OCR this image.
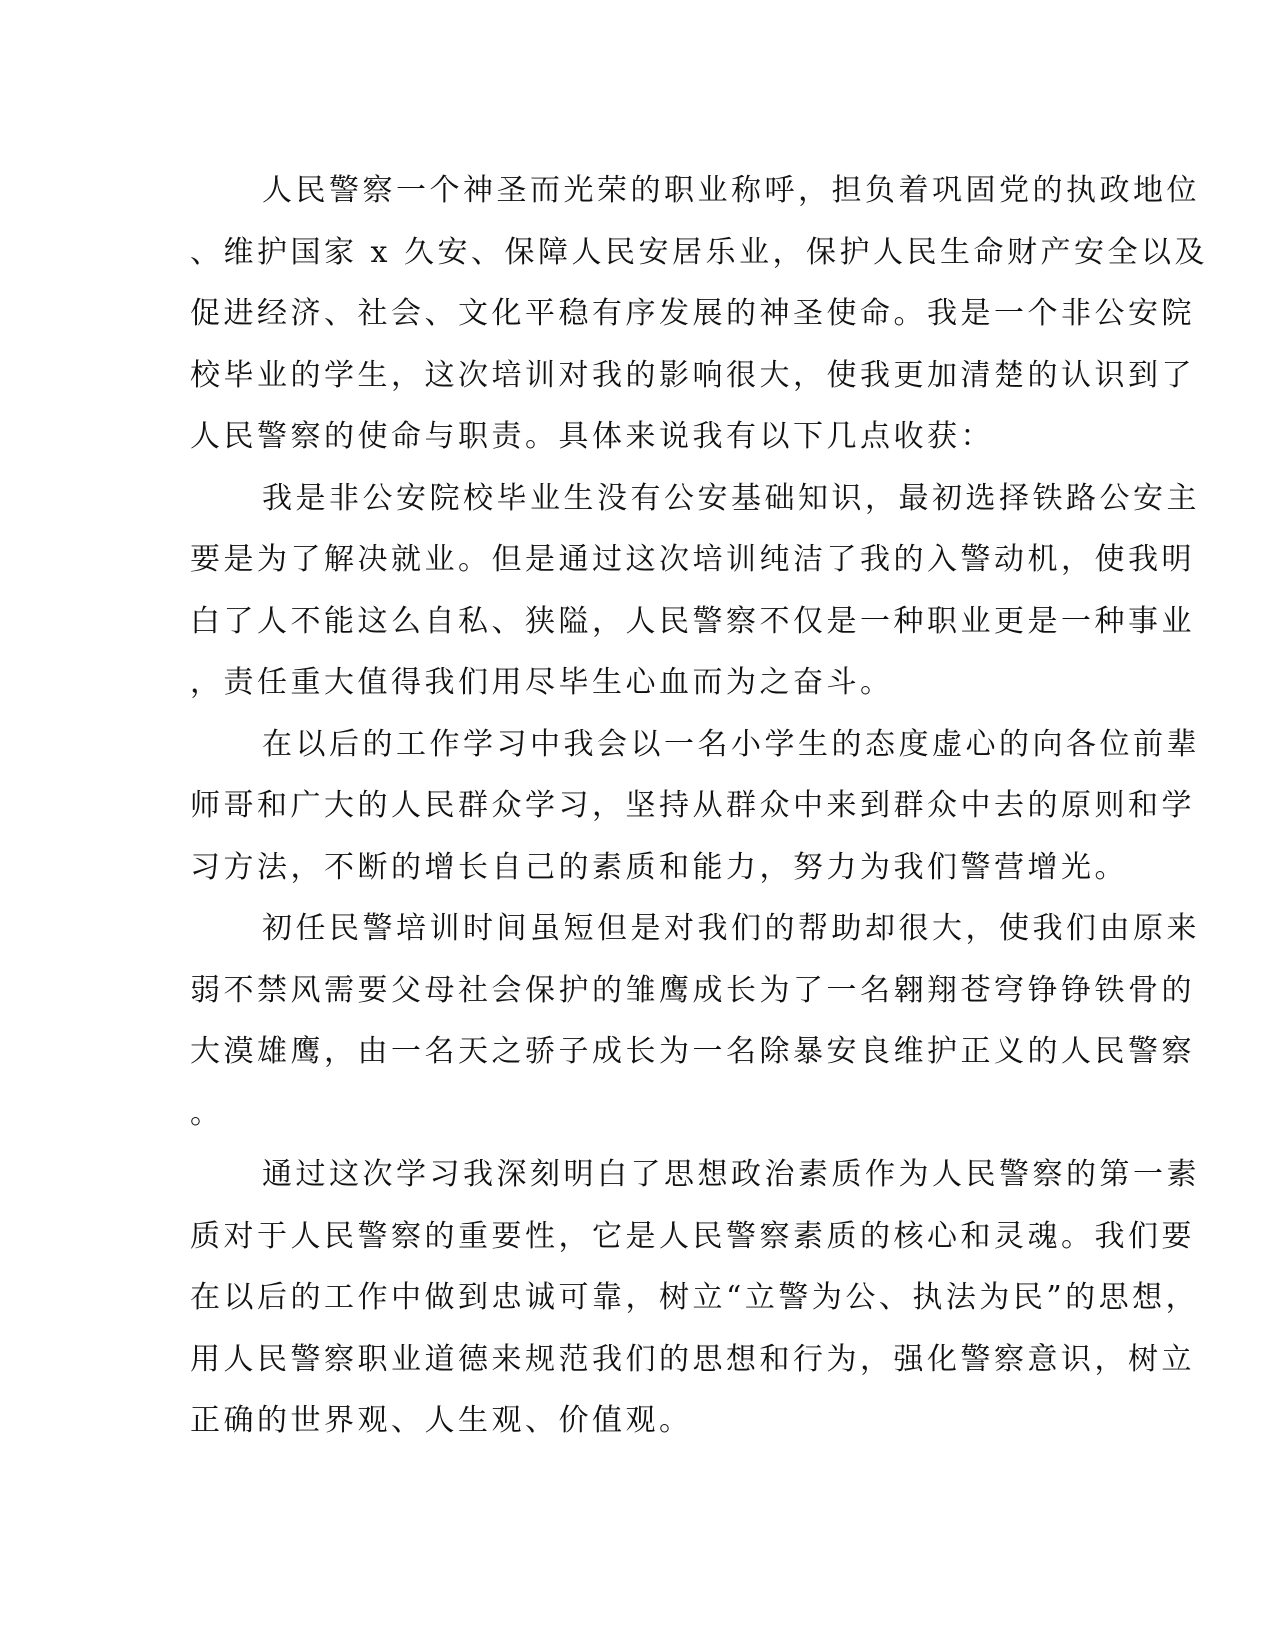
人民警察一个神圣而光荣的职业称呼，担负着巩固党的执政地位
、维护国家 x 久安、保障人民安居乐业，保护人民生命财产安全以及
促进经济、社会、文化平稳有序发展的神圣使命。我是一个非公安院
校毕业的学生，这次培训对我的影响很大，使我更加清楚的认识到了
人民警察的使命与职责。具体来说我有以下几点收获：
我是非公安院校毕业生没有公安基础知识，最初选择铁路公安主
要是为了解决就业。但是通过这次培训纯洁了我的入警动机，使我明
白了人不能这么自私、狭隘，人民警察不仅是一种职业更是一种事业
，责任重大值得我们用尽毕生心血而为之奋斗。
在以后的工作学习中我会以一名小学生的态度虚心的向各位前辈
师哥和广大的人民群众学习，坚持从群众中来到群众中去的原则和学
习方法，不断的增长自己的素质和能力，努力为我们警营增光。
初任民警培训时间虽短但是对我们的帮助却很大，使我们由原来
弱不禁风需要父母社会保护的雏鹰成长为了一名翱翔苍穹铮铮铁骨的
大漠雄鹰，由一名天之骄子成长为一名除暴安良维护正义的人民警察
。
通过这次学习我深刻明白了思想政治素质作为人民警察的第一素
质对于人民警察的重要性，它是人民警察素质的核心和灵魂。我们要
在以后的工作中做到忠诚可靠，树立“立警为公、执法为民”的思想，
用人民警察职业道德来规范我们的思想和行为，强化警察意识，树立
正确的世界观、人生观、价值观。
